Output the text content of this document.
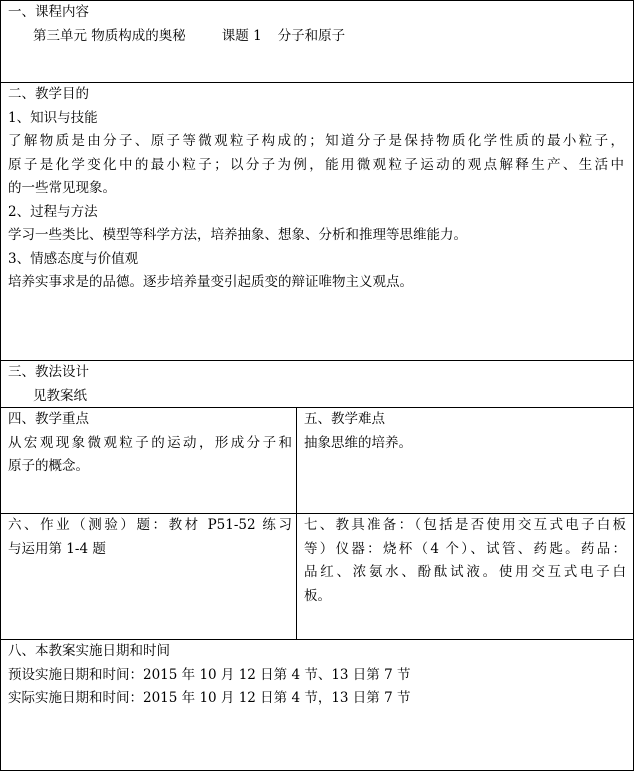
一、课程内容
第三单元 物质构成的奥秘	课题 1 分子和原子
二、教学目的
1、知识与技能
了解物质是由分子、原子等微观粒子构成的；知道分子是保持物质化学性质的最小粒子，
原子是化学变化中的最小粒子；以分子为例，能用微观粒子运动的观点解释生产、生活中
的一些常见现象。
2、过程与方法
学习一些类比、模型等科学方法，培养抽象、想象、分析和推理等思维能力。
3、情感态度与价值观
培养实事求是的品德。逐步培养量变引起质变的辩证唯物主义观点。
三、教法设计
见教案纸
四、教学重点
从宏观现象微观粒子的运动，形成分子和
原子的概念。
五、教学难点
抽象思维的培养。
六、作业（测验）题：教材 P51-52 练习
与运用第 1-4 题
七、教具准备：（包括是否使用交互式电子白板
等）仪器：烧杯（4 个）、试管、药匙。药品：
品红、浓氨水、酚酞试液。使用交互式电子白
板。
八、本教案实施日期和时间
预设实施日期和时间：2015 年 10 月 12 日第 4 节、13 日第 7 节
实际实施日期和时间：2015 年 10 月 12 日第 4 节，13 日第 7 节
